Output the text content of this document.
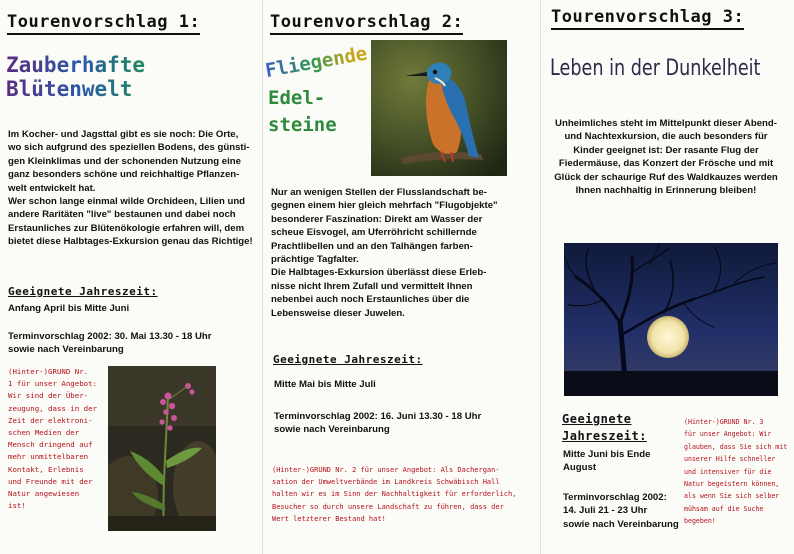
Tourenvorschlag 1:
Zauberhafte
Blütenwelt

Im Kocher- und Jagsttal gibt es sie noch: Die Orte,
wo sich aufgrund des speziellen Bodens, des günsti-
gen Kleinklimas und der schonenden Nutzung eine
ganz besonders schöne und reichhaltige Pflanzen-
welt entwickelt hat.
Wer schon lange einmal wilde Orchideen, Lilien und
andere Raritäten "live" bestaunen und dabei noch
Erstaunliches zur Blütenökologie erfahren will, dem
bietet diese Halbtages-Exkursion genau das Richtige!

Geeignete Jahreszeit:

Anfang April bis Mitte Juni

Terminvorschlag 2002: 30. Mai 13.30 - 18 Uhr
sowie nach Vereinbarung

(Hinter-)GRUND Nr.
1 für unser Angebot:
Wir sind der Über-
zeugung, dass in der
Zeit der elektroni-
schen Medien der
Mensch dringend auf
mehr unmittelbaren
Kontakt, Erlebnis
und Freunde mit der
Natur angewiesen
ist!

Tourenvorschlag 2:
Fliegende
Edel-
steine

Nur an wenigen Stellen der Flusslandschaft be-
gegnen einem hier gleich mehrfach "Flugobjekte"
besonderer Faszination: Direkt am Wasser der
scheue Eisvogel, am Uferröhricht schillernde
Prachtlibellen und an den Talhängen farben-
prächtige Tagfalter.
Die Halbtages-Exkursion überlässt diese Erleb-
nisse nicht Ihrem Zufall und vermittelt Ihnen
nebenbei auch noch Erstaunliches über die
Lebensweise dieser Juwelen.

Geeignete Jahreszeit:

Mitte Mai bis Mitte Juli

Terminvorschlag 2002: 16. Juni 13.30 - 18 Uhr
sowie nach Vereinbarung

(Hinter-)GRUND Nr. 2 für unser Angebot: Als Dachergan-
sation der Umweltverbände im Landkreis Schwäbisch Hall
halten wir es im Sinn der Nachhaltigkeit für erforderlich,
Besucher so durch unsere Landschaft zu führen, dass der
Wert letzterer Bestand hat!

Tourenvorschlag 3:
Leben in der Dunkelheit

Unheimliches steht im Mittelpunkt dieser Abend-
und Nachtexkursion, die auch besonders für
Kinder geeignet ist: Der rasante Flug der
Fiedermäuse, das Konzert der Frösche und mit
Glück der schaurige Ruf des Waldkauzes werden
Ihnen nachhaltig in Erinnerung bleiben!

Geeignete
Jahreszeit:

Mitte Juni bis Ende
August

Terminvorschlag 2002:
14. Juli 21 - 23 Uhr
sowie nach Vereinbarung

(Hinter-)GRUND Nr. 3
für unser Angebot: Wir
glauben, dass Sie sich mit
unserer Hilfe schneller
und intensiver für die
Natur begeistern können,
als wenn Sie sich selber
mühsam auf die Suche
begeben!
